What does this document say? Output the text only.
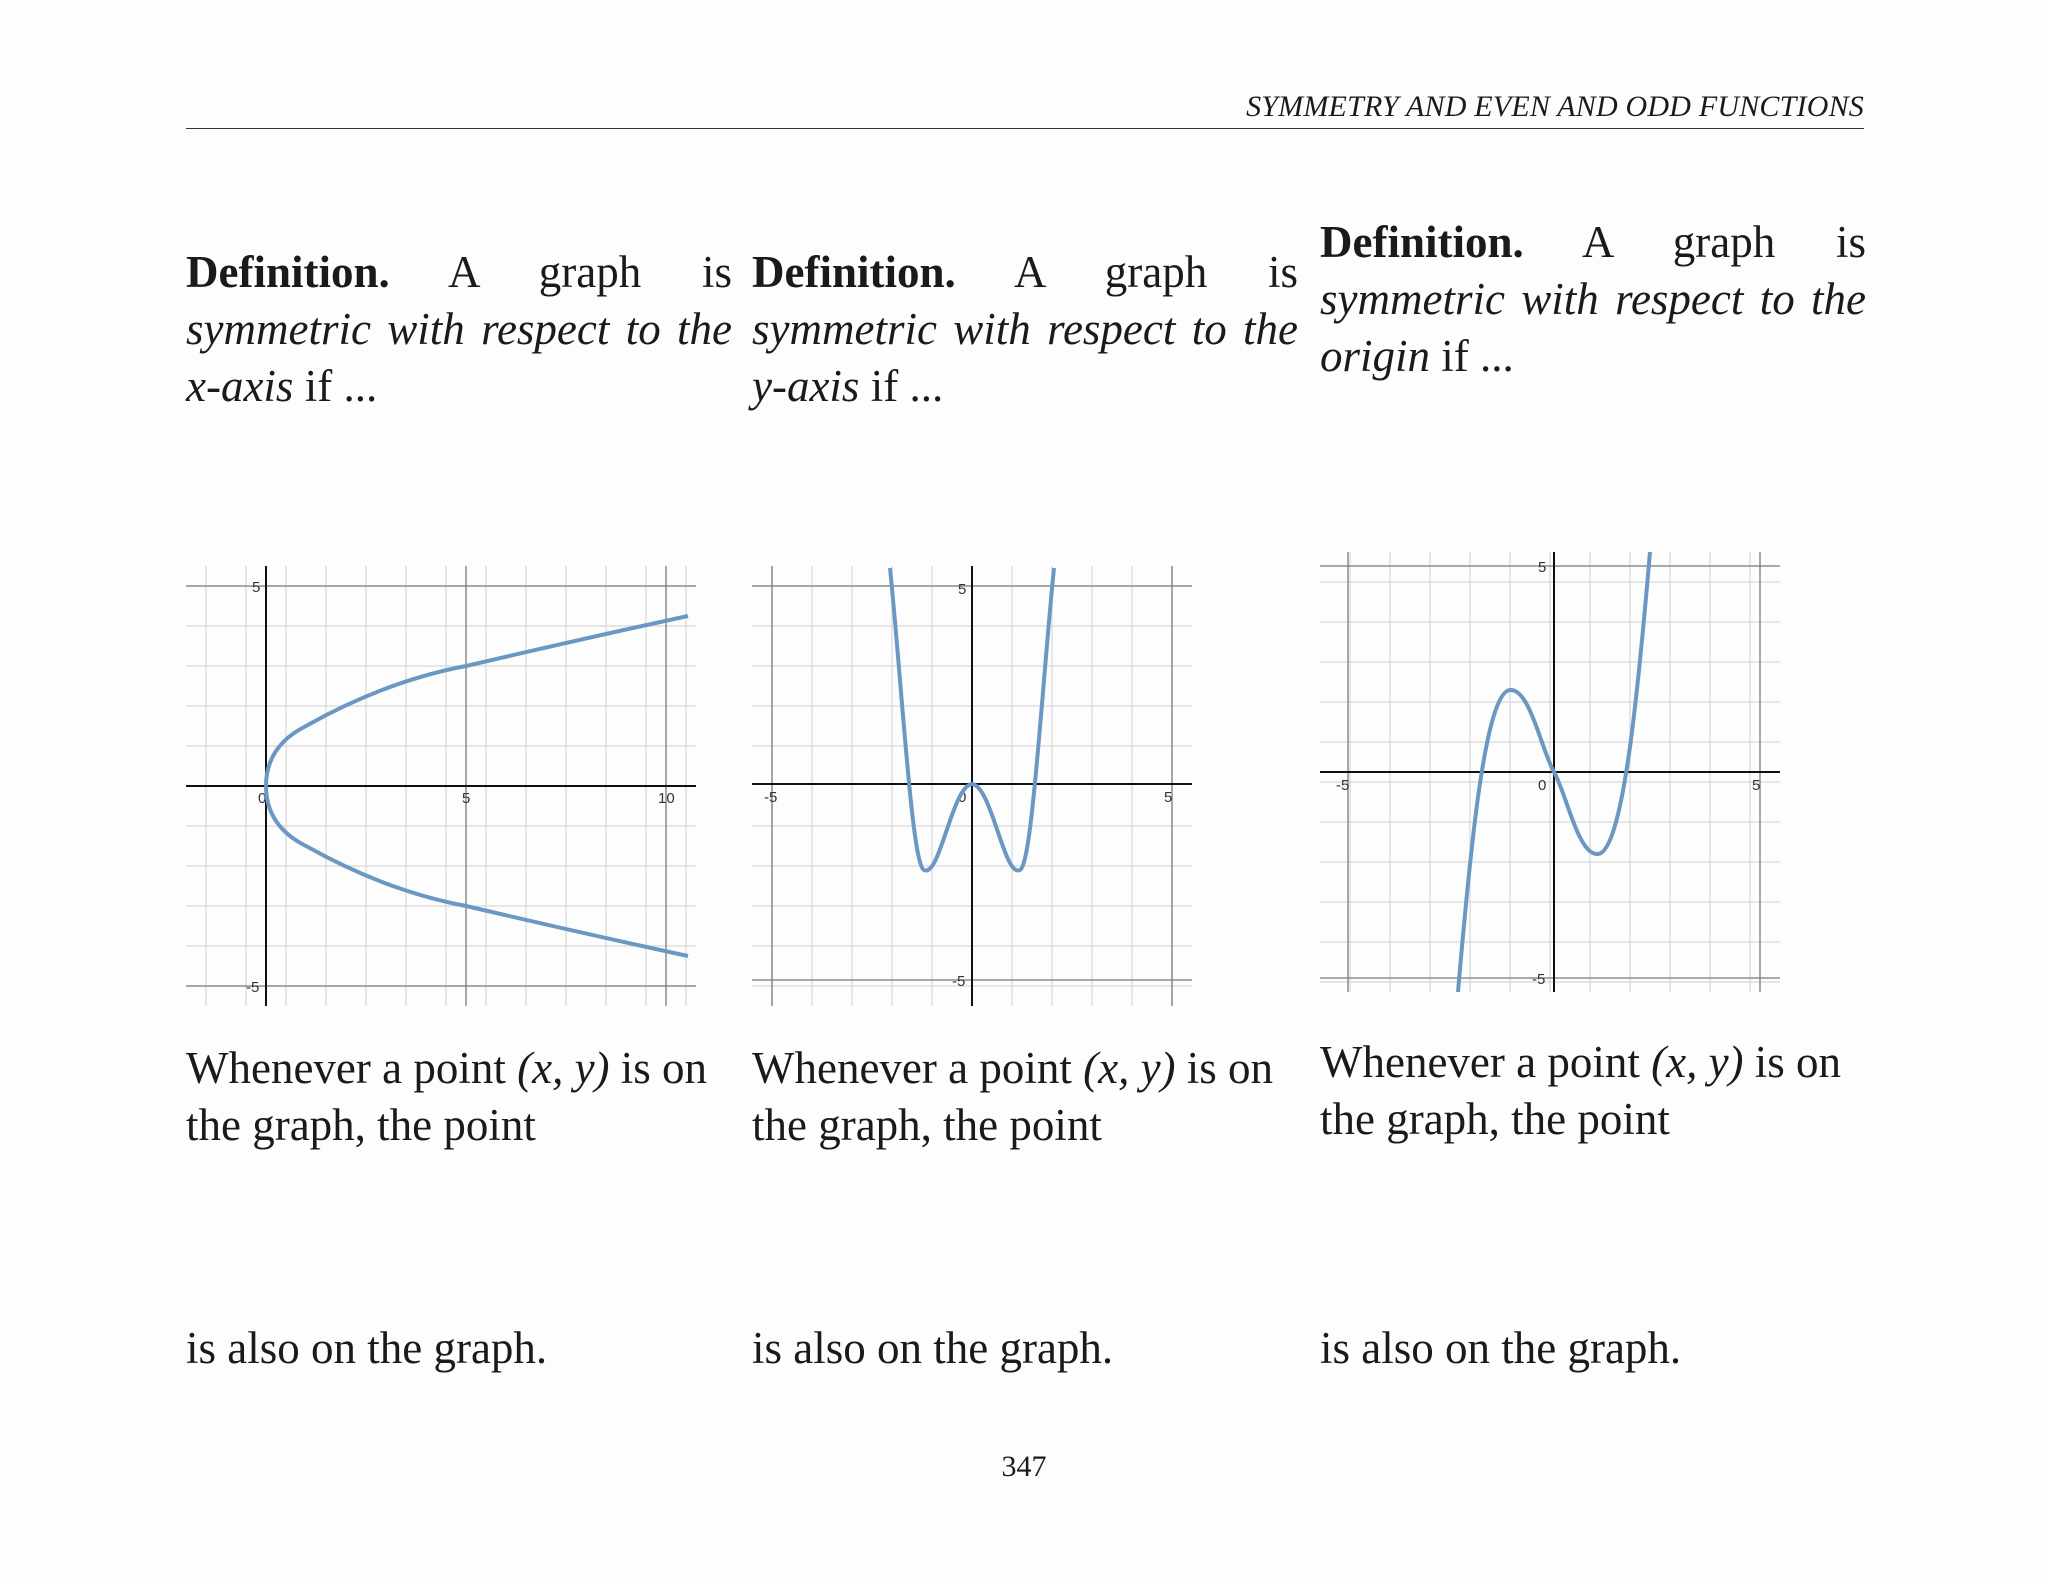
SYMMETRY AND EVEN AND ODD FUNCTIONS
Definition. A graph is symmetric with respect to the x-axis if ...
0	5	10
5
-5
Whenever a point (x, y) is on the graph, the point
is also on the graph.
Definition. A graph is symmetric with respect to the y-axis if ...
-5	0	5
5
-5
Whenever a point (x, y) is on the graph, the point
is also on the graph.
Definition. A graph is symmetric with respect to the origin if ...
-5	0	5
5
-5
Whenever a point (x, y) is on the graph, the point
is also on the graph.
347
